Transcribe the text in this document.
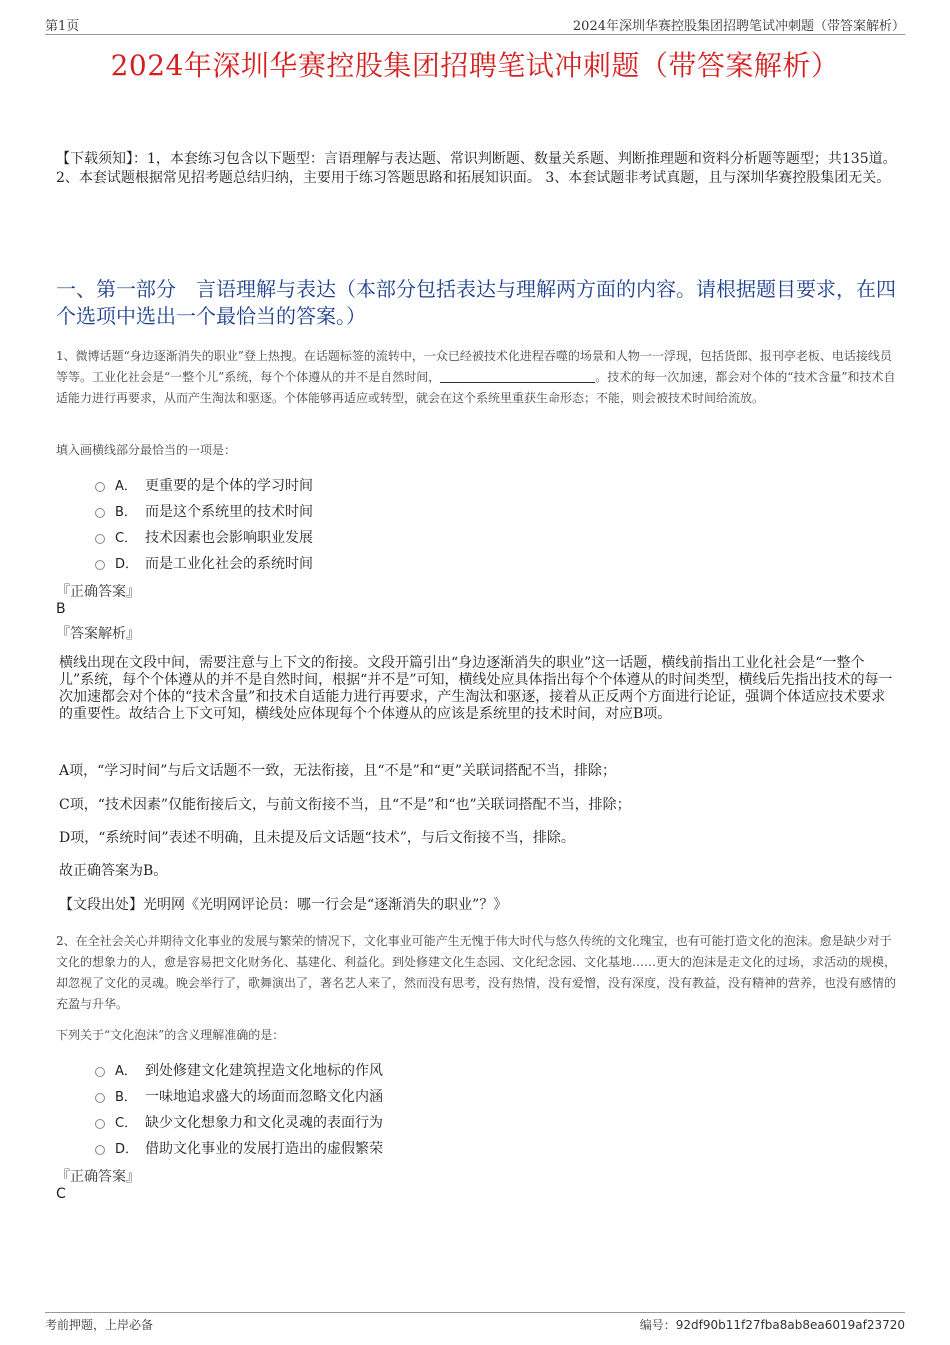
第1页	2024年深圳华赛控股集团招聘笔试冲刺题（带答案解析）
2024年深圳华赛控股集团招聘笔试冲刺题（带答案解析）
【下载须知】：1，本套练习包含以下题型：言语理解与表达题、常识判断题、数量关系题、判断推理题和资料分析题等题型；共135道。 2、本套试题根据常见招考题总结归纳，主要用于练习答题思路和拓展知识面。 3、本套试题非考试真题，且与深圳华赛控股集团无关。
一、第一部分　言语理解与表达（本部分包括表达与理解两方面的内容。请根据题目要求，在四个选项中选出一个最恰当的答案。）
1、微博话题“身边逐渐消失的职业”登上热搜。在话题标签的流转中，一众已经被技术化进程吞噬的场景和人物一一浮现，包括货郎、报刊亭老板、电话接线员等等。工业化社会是“一整个儿”系统，每个个体遵从的并不是自然时间，	。技术的每一次加速，都会对个体的“技术含量”和技术自适能力进行再要求，从而产生淘汰和驱逐。个体能够再适应或转型，就会在这个系统里重获生命形态；不能，则会被技术时间给流放。
填入画横线部分最恰当的一项是：
A． 更重要的是个体的学习时间
B． 而是这个系统里的技术时间
C． 技术因素也会影响职业发展
D． 而是工业化社会的系统时间
『正确答案』
B
『答案解析』
横线出现在文段中间，需要注意与上下文的衔接。文段开篇引出“身边逐渐消失的职业”这一话题，横线前指出工业化社会是“一整个儿”系统，每个个体遵从的并不是自然时间，根据“并不是”可知，横线处应具体指出每个个体遵从的时间类型，横线后先指出技术的每一次加速都会对个体的“技术含量”和技术自适能力进行再要求，产生淘汰和驱逐，接着从正反两个方面进行论证，强调个体适应技术要求的重要性。故结合上下文可知，横线处应体现每个个体遵从的应该是系统里的技术时间，对应B项。
A项，“学习时间”与后文话题不一致，无法衔接，且“不是”和“更”关联词搭配不当，排除；
C项，“技术因素”仅能衔接后文，与前文衔接不当，且“不是”和“也”关联词搭配不当，排除；
D项，“系统时间”表述不明确，且未提及后文话题“技术”，与后文衔接不当，排除。
故正确答案为B。
【文段出处】光明网《光明网评论员：哪一行会是“逐渐消失的职业”？》
2、在全社会关心并期待文化事业的发展与繁荣的情况下，文化事业可能产生无愧于伟大时代与悠久传统的文化瑰宝，也有可能打造文化的泡沫。愈是缺少对于文化的想象力的人，愈是容易把文化财务化、基建化、利益化。到处修建文化生态园、文化纪念园、文化基地……更大的泡沫是走文化的过场，求活动的规模，却忽视了文化的灵魂。晚会举行了，歌舞演出了，著名艺人来了，然而没有思考，没有热情，没有爱憎，没有深度，没有教益，没有精神的营养，也没有感情的充盈与升华。
下列关于“文化泡沫”的含义理解准确的是：
A． 到处修建文化建筑捏造文化地标的作风
B． 一味地追求盛大的场面而忽略文化内涵
C． 缺少文化想象力和文化灵魂的表面行为
D． 借助文化事业的发展打造出的虚假繁荣
『正确答案』
C
考前押题，上岸必备	编号：92df90b11f27fba8ab8ea6019af23720
